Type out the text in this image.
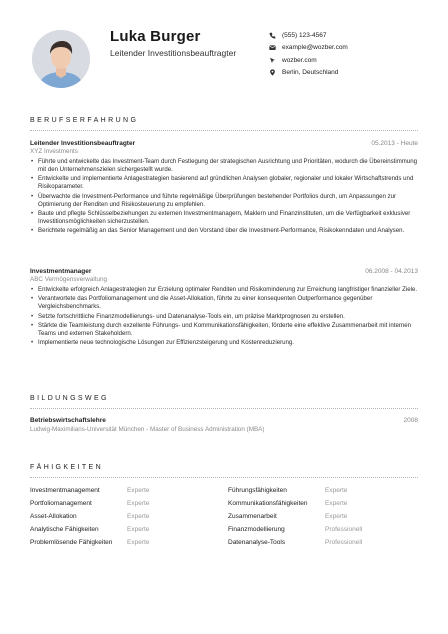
Luka Burger
Leitender Investitionsbeauftragter
(555) 123-4567
example@wozber.com
wozber.com
Berlin, Deutschland
BERUFSERFAHRUNG
Leitender Investitionsbeauftragter	05.2013 - Heute
XYZ Investments
• Führte und entwickelte das Investment-Team durch Festlegung der strategischen Ausrichtung und Prioritäten, wodurch die Übereinstimmung mit den Unternehmenszielen sichergestellt wurde.
• Entwickelte und implementierte Anlagestrategien basierend auf gründlichen Analysen globaler, regionaler und lokaler Wirtschaftstrends und Risikoparameter.
• Überwachte die Investment-Performance und führte regelmäßige Überprüfungen bestehender Portfolios durch, um Anpassungen zur Optimierung der Renditen und Risikosteuerung zu empfehlen.
• Baute und pflegte Schlüsselbeziehungen zu externen Investmentmanagern, Maklern und Finanzinstituten, um die Verfügbarkeit exklusiver Investitionsmöglichkeiten sicherzustellen.
• Berichtete regelmäßig an das Senior Management und den Vorstand über die Investment-Performance, Risikokenndaten und Analysen.
Investmentmanager	06.2008 - 04.2013
ABC Vermögensverwaltung
• Entwickelte erfolgreich Anlagestrategien zur Erzielung optimaler Renditen und Risikominderung zur Erreichung langfristiger finanzieller Ziele.
• Verantwortete das Portfoliomanagement und die Asset-Allokation, führte zu einer konsequenten Outperformance gegenüber Vergleichsbenchmarks.
• Setzte fortschrittliche Finanzmodellierungs- und Datenanalyse-Tools ein, um präzise Marktprognosen zu erstellen.
• Stärkte die Teamleistung durch exzellente Führungs- und Kommunikationsfähigkeiten, förderte eine effektive Zusammenarbeit mit internen Teams und externen Stakeholdern.
• Implementierte neue technologische Lösungen zur Effizienzsteigerung und Kostenreduzierung.
BILDUNGSWEG
Betriebswirtschaftslehre	2008
Ludwig-Maximilians-Universität München - Master of Business Administration (MBA)
FÄHIGKEITEN
Investmentmanagement	Experte	Führungsfähigkeiten	Experte
Portfoliomanagement	Experte	Kommunikationsfähigkeiten	Experte
Asset-Allokation	Experte	Zusammenarbeit	Experte
Analytische Fähigkeiten	Experte	Finanzmodellierung	Professionell
Problemlösende Fähigkeiten Experte	Datenanalyse-Tools	Professionell
